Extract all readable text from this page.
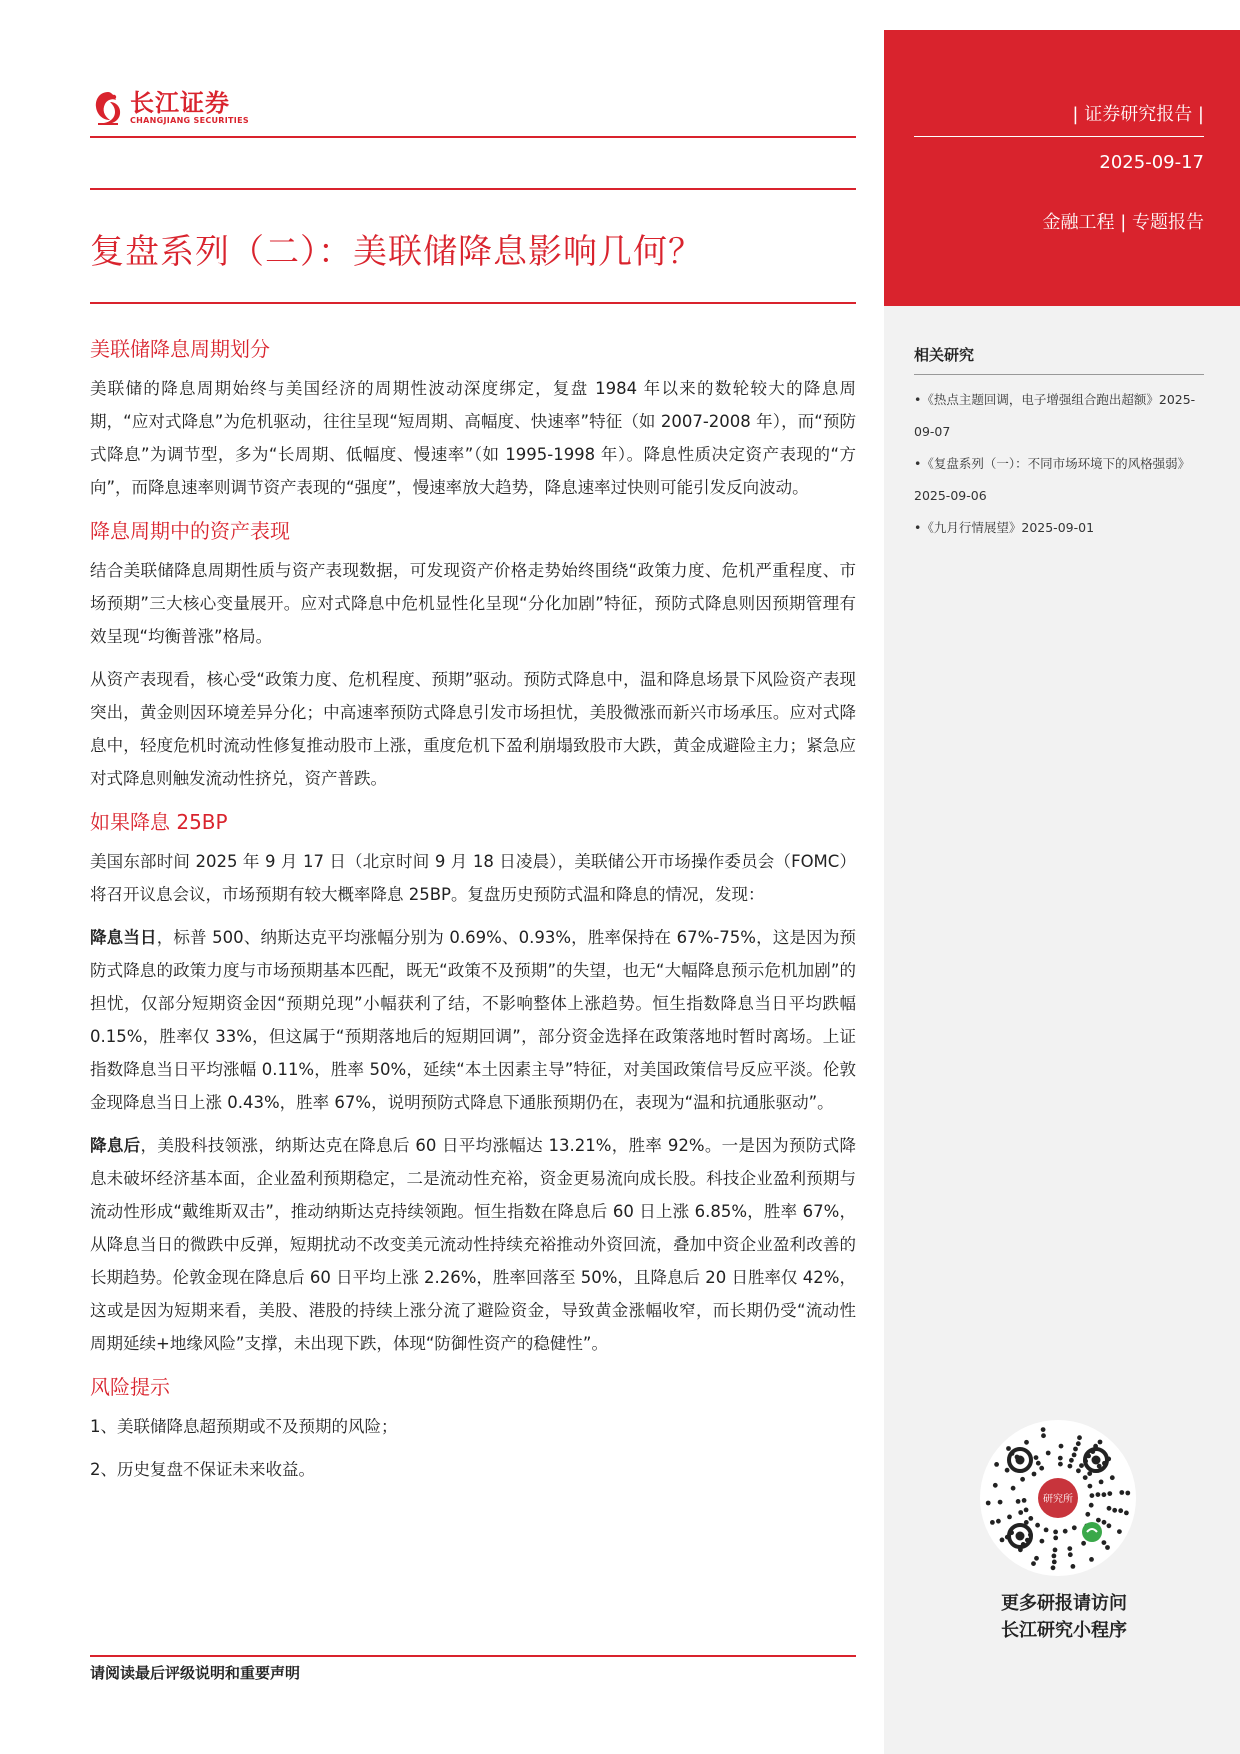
长江证券
CHANGJIANG SECURITIES
复盘系列（二）：美联储降息影响几何？
| 证券研究报告 |
2025-09-17
金融工程 | 专题报告
相关研究

•《热点主题回调，电子增强组合跑出超额》2025-09-07

•《复盘系列（一）：不同市场环境下的风格强弱》2025-09-06

•《九月行情展望》2025-09-01

研究所
更多研报请访问
长江研究小程序
美联储降息周期划分

美联储的降息周期始终与美国经济的周期性波动深度绑定，复盘 1984 年以来的数轮较大的降息周期，“应对式降息”为危机驱动，往往呈现“短周期、高幅度、快速率”特征（如 2007-2008 年），而“预防式降息”为调节型，多为“长周期、低幅度、慢速率”（如 1995-1998 年）。降息性质决定资产表现的“方向”，而降息速率则调节资产表现的“强度”，慢速率放大趋势，降息速率过快则可能引发反向波动。

降息周期中的资产表现

结合美联储降息周期性质与资产表现数据，可发现资产价格走势始终围绕“政策力度、危机严重程度、市场预期”三大核心变量展开。应对式降息中危机显性化呈现“分化加剧”特征，预防式降息则因预期管理有效呈现“均衡普涨”格局。

从资产表现看，核心受“政策力度、危机程度、预期”驱动。预防式降息中，温和降息场景下风险资产表现突出，黄金则因环境差异分化；中高速率预防式降息引发市场担忧，美股微涨而新兴市场承压。应对式降息中，轻度危机时流动性修复推动股市上涨，重度危机下盈利崩塌致股市大跌，黄金成避险主力；紧急应对式降息则触发流动性挤兑，资产普跌。

如果降息 25BP

美国东部时间 2025 年 9 月 17 日（北京时间 9 月 18 日凌晨），美联储公开市场操作委员会（FOMC）将召开议息会议，市场预期有较大概率降息 25BP。复盘历史预防式温和降息的情况，发现：

降息当日，标普 500、纳斯达克平均涨幅分别为 0.69%、0.93%，胜率保持在 67%-75%，这是因为预防式降息的政策力度与市场预期基本匹配，既无“政策不及预期”的失望，也无“大幅降息预示危机加剧”的担忧，仅部分短期资金因“预期兑现”小幅获利了结，不影响整体上涨趋势。恒生指数降息当日平均跌幅 0.15%，胜率仅 33%，但这属于“预期落地后的短期回调”，部分资金选择在政策落地时暂时离场。上证指数降息当日平均涨幅 0.11%，胜率 50%，延续“本土因素主导”特征，对美国政策信号反应平淡。伦敦金现降息当日上涨 0.43%，胜率 67%，说明预防式降息下通胀预期仍在，表现为“温和抗通胀驱动”。

降息后，美股科技领涨，纳斯达克在降息后 60 日平均涨幅达 13.21%，胜率 92%。一是因为预防式降息未破坏经济基本面，企业盈利预期稳定，二是流动性充裕，资金更易流向成长股。科技企业盈利预期与流动性形成“戴维斯双击”，推动纳斯达克持续领跑。恒生指数在降息后 60 日上涨 6.85%，胜率 67%，从降息当日的微跌中反弹，短期扰动不改变美元流动性持续充裕推动外资回流，叠加中资企业盈利改善的长期趋势。伦敦金现在降息后 60 日平均上涨 2.26%，胜率回落至 50%，且降息后 20 日胜率仅 42%，这或是因为短期来看，美股、港股的持续上涨分流了避险资金，导致黄金涨幅收窄，而长期仍受“流动性周期延续+地缘风险”支撑，未出现下跌，体现“防御性资产的稳健性”。

风险提示

1、美联储降息超预期或不及预期的风险；

2、历史复盘不保证未来收益。

请阅读最后评级说明和重要声明
